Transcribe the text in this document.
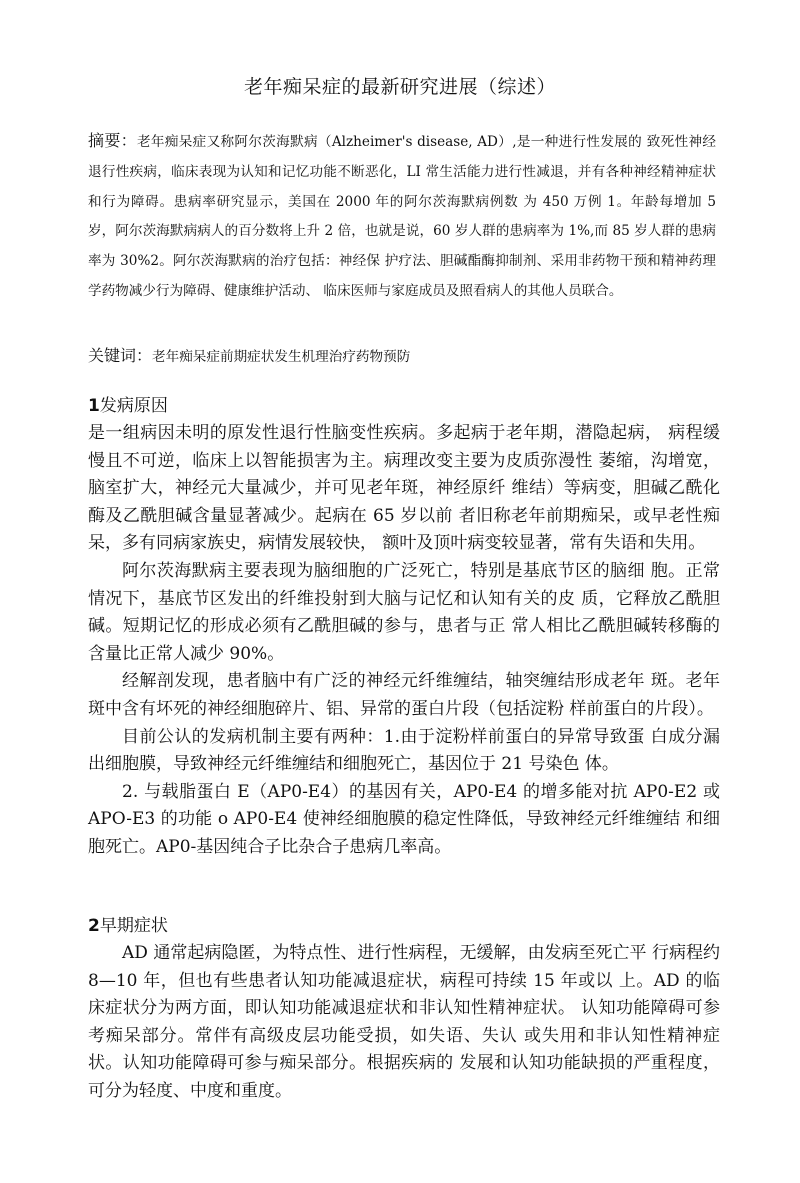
老年痴呆症的最新研究进展（综述）
摘要：老年痴呆症又称阿尔茨海默病（Alzheimer's disease, AD）,是一种进行性发展的 致死性神经退行性疾病，临床表现为认知和记忆功能不断恶化，LI 常生活能力进行性减退，并有各种神经精神症状和行为障碍。患病率研究显示，美国在 2000 年的阿尔茨海默病例数 为 450 万例 1。年龄每增加 5 岁，阿尔茨海默病病人的百分数将上升 2 倍，也就是说，60 岁人群的患病率为 1%,而 85 岁人群的患病率为 30%2。阿尔茨海默病的治疗包括：神经保 护疗法、胆碱酯酶抑制剂、采用非药物干预和精神药理学药物减少行为障碍、健康维护活动、 临床医师与家庭成员及照看病人的其他人员联合。
关键词：老年痴呆症前期症状发生机理治疗药物预防
1发病原因

是一组病因未明的原发性退行性脑变性疾病。多起病于老年期，潜隐起病， 病程缓慢且不可逆，临床上以智能损害为主。病理改变主要为皮质弥漫性 萎缩，沟增宽，脑室扩大，神经元大量减少，并可见老年斑，神经原纤 维结）等病变，胆碱乙酰化酶及乙酰胆碱含量显著减少。起病在 65 岁以前 者旧称老年前期痴呆，或早老性痴呆，多有同病家族史，病情发展较快， 额叶及顶叶病变较显著，常有失语和失用。

阿尔茨海默病主要表现为脑细胞的广泛死亡，特别是基底节区的脑细 胞。正常情况下，基底节区发出的纤维投射到大脑与记忆和认知有关的皮 质，它释放乙酰胆碱。短期记忆的形成必须有乙酰胆碱的参与，患者与正 常人相比乙酰胆碱转移酶的含量比正常人减少 90%。

经解剖发现，患者脑中有广泛的神经元纤维缠结，轴突缠结形成老年 斑。老年斑中含有坏死的神经细胞碎片、铝、异常的蛋白片段（包括淀粉 样前蛋白的片段）。

目前公认的发病机制主要有两种：1.由于淀粉样前蛋白的异常导致蛋 白成分漏出细胞膜，导致神经元纤维缠结和细胞死亡，基因位于 21 号染色 体。

2. 与载脂蛋白 E（AP0-E4）的基因有关，AP0-E4 的增多能对抗 AP0-E2 或 APO-E3 的功能 o AP0-E4 使神经细胞膜的稳定性降低，导致神经元纤维缠结 和细胞死亡。AP0-基因纯合子比杂合子患病几率高。

2早期症状

AD 通常起病隐匿，为特点性、进行性病程，无缓解，由发病至死亡平 行病程约 8—10 年，但也有些患者认知功能减退症状，病程可持续 15 年或以 上。AD 的临床症状分为两方面，即认知功能减退症状和非认知性精神症状。 认知功能障碍可参考痴呆部分。常伴有高级皮层功能受损，如失语、失认 或失用和非认知性精神症状。认知功能障碍可参与痴呆部分。根据疾病的 发展和认知功能缺损的严重程度，可分为轻度、中度和重度。
